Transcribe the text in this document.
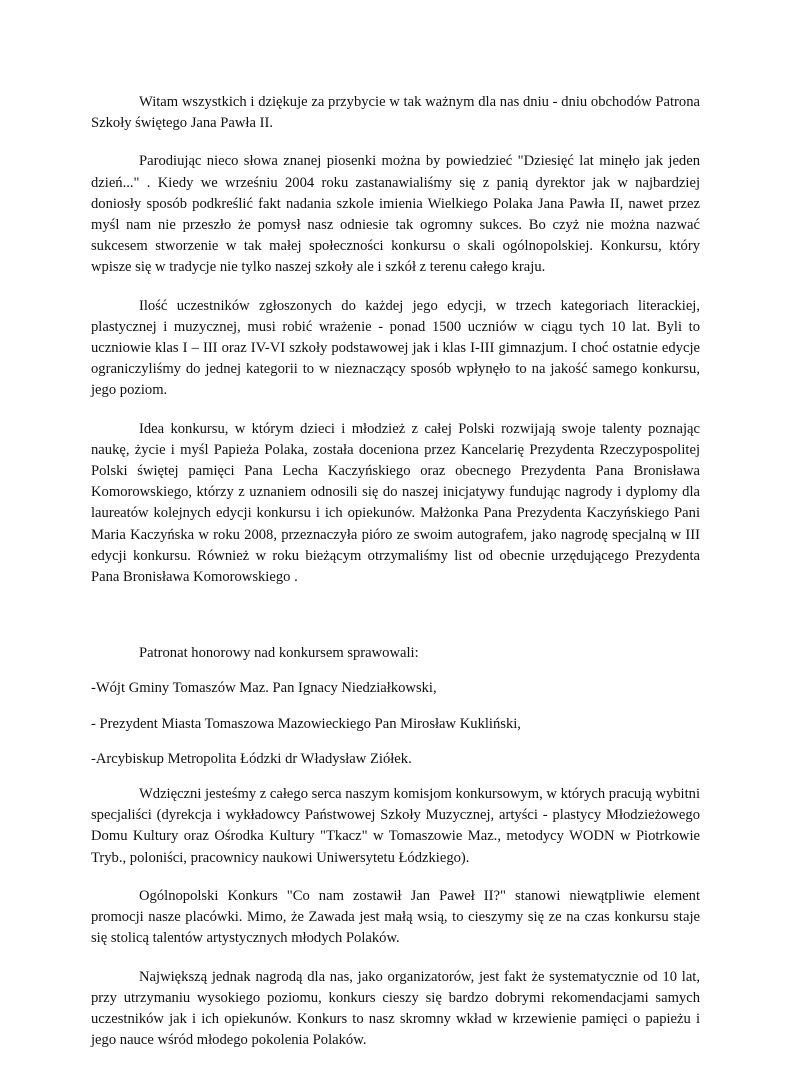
Witam wszystkich i dziękuje za przybycie w tak ważnym dla nas dniu - dniu obchodów Patrona Szkoły świętego Jana Pawła II.

Parodiując nieco słowa znanej piosenki można by powiedzieć "Dziesięć lat minęło jak jeden dzień..." . Kiedy we wrześniu 2004 roku zastanawialiśmy się z panią dyrektor jak w najbardziej doniosły sposób podkreślić fakt nadania szkole imienia Wielkiego Polaka Jana Pawła II, nawet przez myśl nam nie przeszło że pomysł nasz odniesie tak ogromny sukces. Bo czyż nie można nazwać sukcesem stworzenie w tak małej społeczności konkursu o skali ogólnopolskiej. Konkursu, który wpisze się w tradycje nie tylko naszej szkoły ale i szkół z terenu całego kraju.

Ilość uczestników zgłoszonych do każdej jego edycji, w trzech kategoriach literackiej, plastycznej i muzycznej, musi robić wrażenie - ponad 1500 uczniów w ciągu tych 10 lat. Byli to uczniowie klas I – III oraz IV-VI szkoły podstawowej jak i klas I-III gimnazjum. I choć ostatnie edycje ograniczyliśmy do jednej kategorii to w nieznaczący sposób wpłynęło to na jakość samego konkursu, jego poziom.

Idea konkursu, w którym dzieci i młodzież z całej Polski rozwijają swoje talenty poznając naukę, życie i myśl Papieża Polaka, została doceniona przez Kancelarię Prezydenta Rzeczypospolitej Polski świętej pamięci Pana Lecha Kaczyńskiego oraz obecnego Prezydenta Pana Bronisława Komorowskiego, którzy z uznaniem odnosili się do naszej inicjatywy fundując nagrody i dyplomy dla laureatów kolejnych edycji konkursu i ich opiekunów. Małżonka Pana Prezydenta Kaczyńskiego Pani Maria Kaczyńska w roku 2008, przeznaczyła pióro ze swoim autografem, jako nagrodę specjalną w III edycji konkursu. Również w roku bieżącym otrzymaliśmy list od obecnie urzędującego Prezydenta Pana Bronisława Komorowskiego .

Patronat honorowy nad konkursem sprawowali:

-Wójt Gminy Tomaszów Maz. Pan Ignacy Niedziałkowski,

- Prezydent Miasta Tomaszowa Mazowieckiego Pan Mirosław Kukliński,

-Arcybiskup Metropolita Łódzki dr Władysław Ziółek.

Wdzięczni jesteśmy z całego serca naszym komisjom konkursowym, w których pracują wybitni specjaliści (dyrekcja i wykładowcy Państwowej Szkoły Muzycznej, artyści - plastycy Młodzieżowego Domu Kultury oraz Ośrodka Kultury "Tkacz" w Tomaszowie Maz., metodycy WODN w Piotrkowie Tryb., poloniści, pracownicy naukowi Uniwersytetu Łódzkiego).

Ogólnopolski Konkurs "Co nam zostawił Jan Paweł II?" stanowi niewątpliwie element promocji nasze placówki. Mimo, że Zawada jest małą wsią, to cieszymy się ze na czas konkursu staje się stolicą talentów artystycznych młodych Polaków.

Największą jednak nagrodą dla nas, jako organizatorów, jest fakt że systematycznie od 10 lat, przy utrzymaniu wysokiego poziomu, konkurs cieszy się bardzo dobrymi rekomendacjami samych uczestników jak i ich opiekunów. Konkurs to nasz skromny wkład w krzewienie pamięci o papieżu i jego nauce wśród młodego pokolenia Polaków.
